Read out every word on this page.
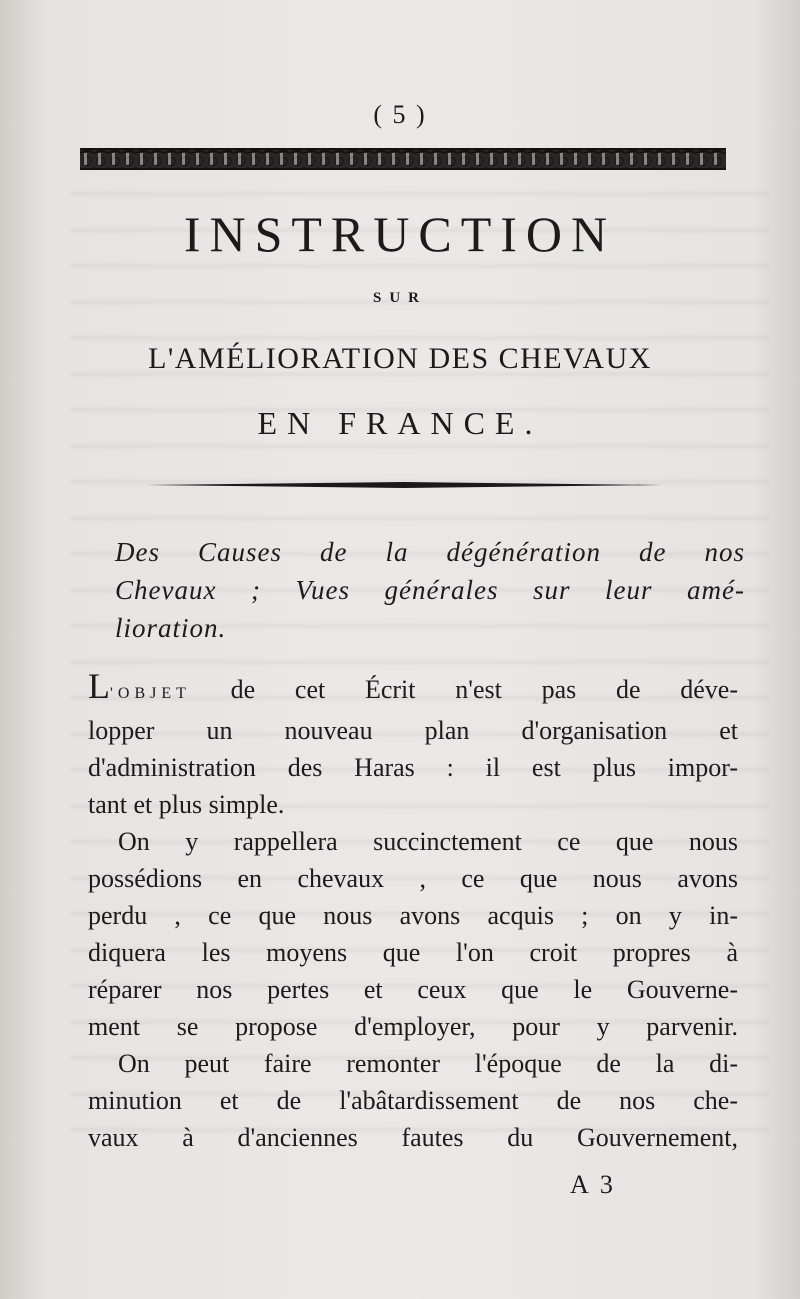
( 5 )
INSTRUCTION
SUR
L'AMÉLIORATION DES CHEVAUX
EN FRANCE.
Des Causes de la dégénération de nos
Chevaux ; Vues générales sur leur amé-
lioration.
L'OBJET de cet Écrit n'est pas de déve-
lopper un nouveau plan d'organisation et
d'administration des Haras : il est plus impor-
tant et plus simple.
On y rappellera succinctement ce que nous
possédions en chevaux , ce que nous avons
perdu , ce que nous avons acquis ; on y in-
diquera les moyens que l'on croit propres à
réparer nos pertes et ceux que le Gouverne-
ment se propose d'employer, pour y parvenir.
On peut faire remonter l'époque de la di-
minution et de l'abâtardissement de nos che-
vaux à d'anciennes fautes du Gouvernement,
A 3
